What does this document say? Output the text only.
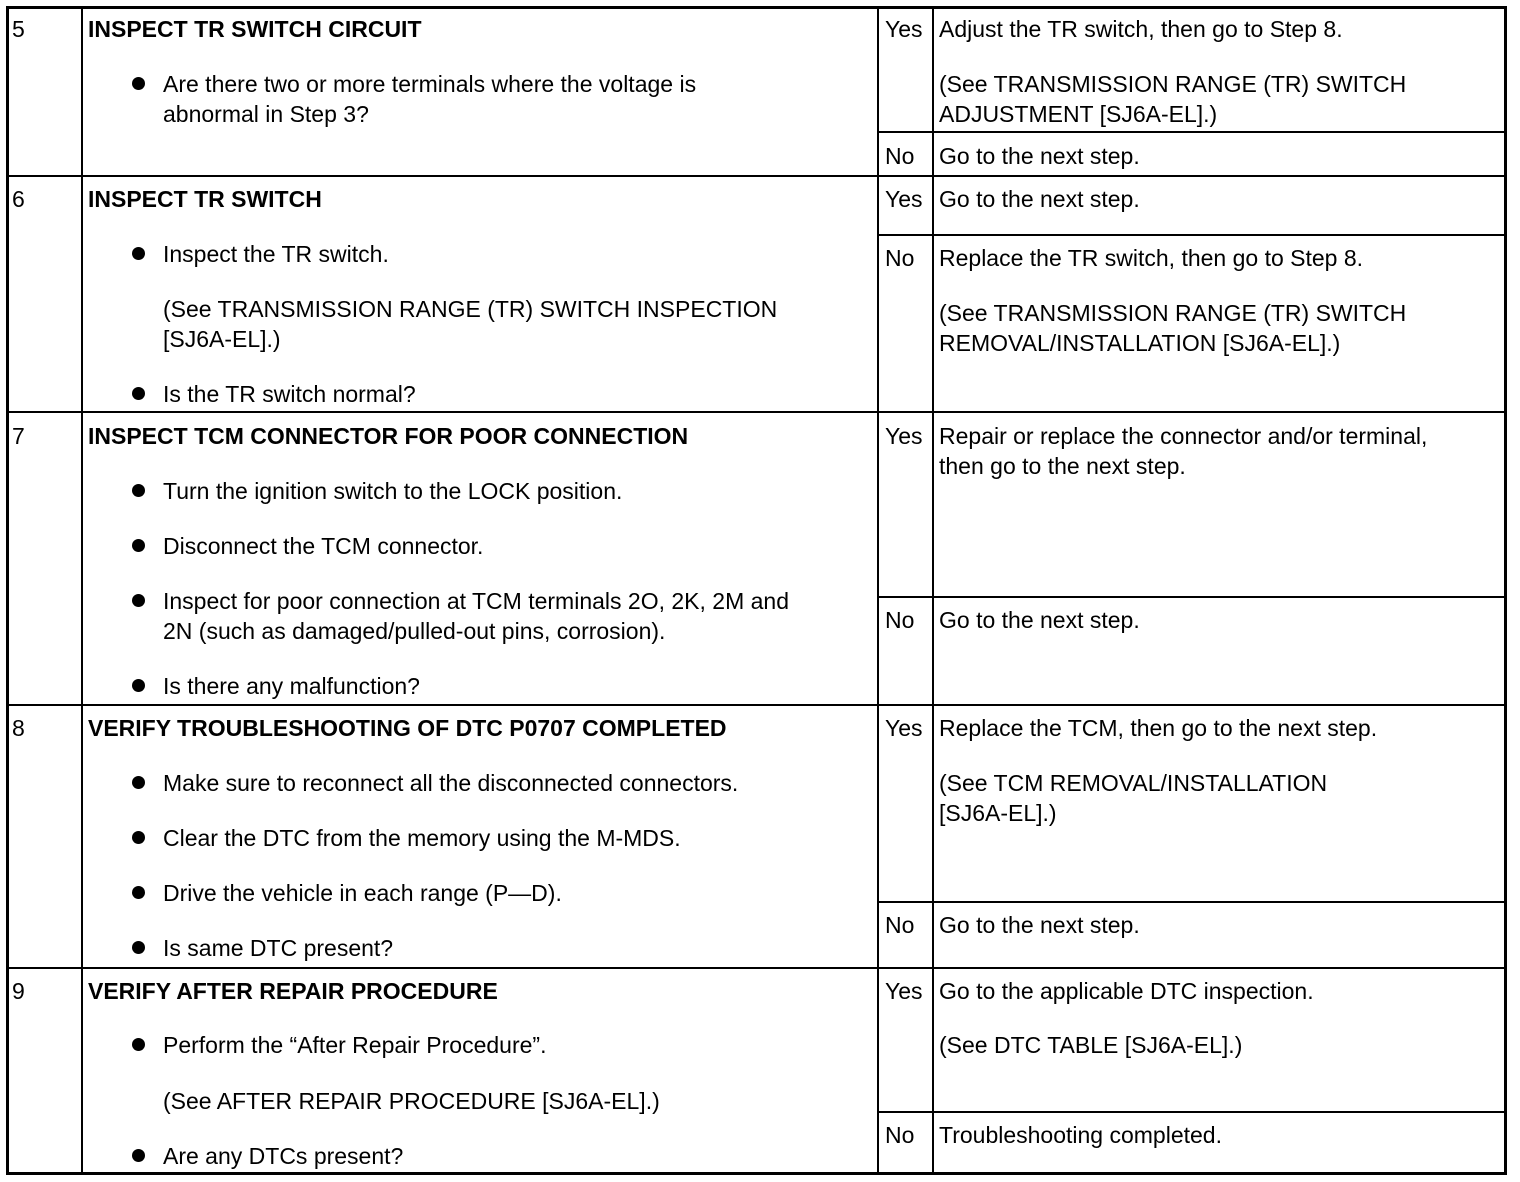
5	INSPECT TR SWITCH CIRCUIT
Are there two or more terminals where the voltage is
abnormal in Step 3?
Yes Adjust the TR switch, then go to Step 8.
(See TRANSMISSION RANGE (TR) SWITCH
ADJUSTMENT [SJ6A-EL].)
No Go to the next step.
6	INSPECT TR SWITCH
Inspect the TR switch.
(See TRANSMISSION RANGE (TR) SWITCH INSPECTION
[SJ6A-EL].)
Is the TR switch normal?
Yes Go to the next step.
No Replace the TR switch, then go to Step 8.
(See TRANSMISSION RANGE (TR) SWITCH
REMOVAL/INSTALLATION [SJ6A-EL].)
7	INSPECT TCM CONNECTOR FOR POOR CONNECTION
Turn the ignition switch to the LOCK position.
Disconnect the TCM connector.
Inspect for poor connection at TCM terminals 2O, 2K, 2M and
2N (such as damaged/pulled-out pins, corrosion).
Is there any malfunction?
Yes Repair or replace the connector and/or terminal,
then go to the next step.
No Go to the next step.
8	VERIFY TROUBLESHOOTING OF DTC P0707 COMPLETED
Make sure to reconnect all the disconnected connectors.
Clear the DTC from the memory using the M-MDS.
Drive the vehicle in each range (P—D).
Is same DTC present?
Yes Replace the TCM, then go to the next step.
(See TCM REMOVAL/INSTALLATION
[SJ6A-EL].)
No Go to the next step.
9	VERIFY AFTER REPAIR PROCEDURE
Perform the “After Repair Procedure”.
(See AFTER REPAIR PROCEDURE [SJ6A-EL].)
Are any DTCs present?
Yes Go to the applicable DTC inspection.
(See DTC TABLE [SJ6A-EL].)
No Troubleshooting completed.
